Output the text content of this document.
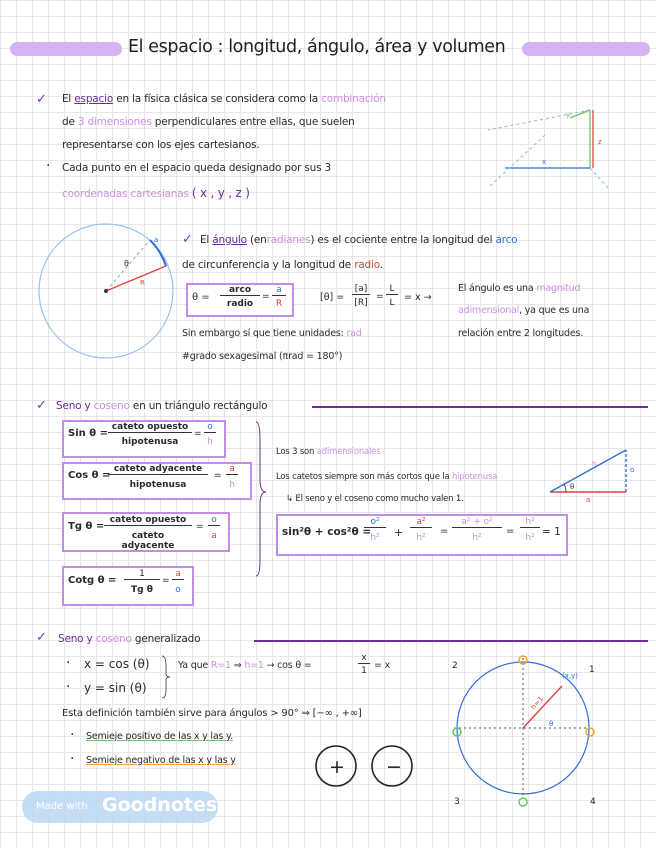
El espacio : longitud, ángulo, área y volumen
✓ El espacio en la física clásica se considera como la combinación
de 3 dimensiones perpendiculares entre ellas, que suelen
representarse con los ejes cartesianos.
· Cada punto en el espacio queda designado por sus 3
coordenadas cartesianas ( x , y , z )
z
y
x
a
θ
R
✓ El ángulo (enradianes) es el cociente entre la longitud del arco
de circunferencia y la longitud de radio.
θ =
arco
radio
=
a
R
[θ] =
[a]
[R]
=
L
L	= x →
El ángulo es una magnitud
adimensional, ya que es una
relación entre 2 longitudes.
Sin embargo sí que tiene unidades: rad
#grado sexagesimal (πrad = 180°)
✓ Seno y coseno en un triángulo rectángulo
Sin θ =
cateto opuesto
hipotenusa
=
o
h
Cos θ =
cateto adyacente
hipotenusa
=
a
h
Tg θ =
cateto opuesto
cateto adyacente
=
o
a
Cotg θ =
1
Tg θ
=
a
o
Los 3 son adimensionales
Los catetos siempre son más cortos que la hipotenusa
↳ El seno y el coseno como mucho valen 1.
h
o
a
θ
sin²θ + cos²θ =
o²
h²	+
a²
h²
=
a² + o²
h²
=
h²
h² = 1
✓ Seno y coseno generalizado
· x = cos (θ)
· y = sin (θ)
Ya que R=1 ⇒ h=1 → cos θ =
x
1 = x
Esta definición también sirve para ángulos > 90° ⇒ [−∞ , +∞]
· Semieje positivo de las x y las y.
· Semieje negativo de las x y las y	+ −
1
2
3	4
(x,y)
h=1
θ
Made with Goodnotes
